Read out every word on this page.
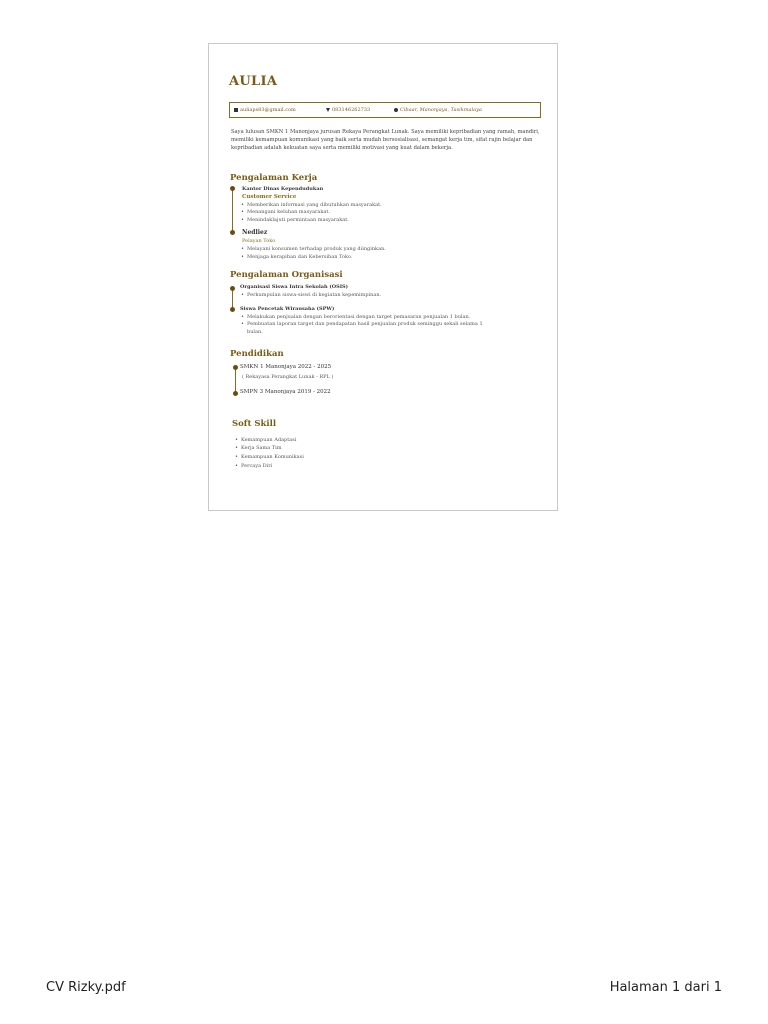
AULIA
auliaps83@gmail.com	083146262733	Cibaar, Manonjaya, Tasikmalaya
Saya lulusan SMKN 1 Manonjaya jurusan Rekaya Perangkat Lunak. Saya memiliki kepribadian yang ramah, mandiri, memiliki kemampuan komunikasi yang baik serta mudah bersosialisasi, semangat kerja tim, sifat rajin belajar dan kepribadian adalah kekuatan saya serta memiliki motivasi yang kuat dalam bekerja.
Pengalaman Kerja
Kantor Dinas Kependudukan
Customer Service
• Memberikan informasi yang dibutuhkan masyarakat.
• Menangani keluhan masyarakat.
• Menindaklajuti permintaan masyarakat.
Nedliez
Pelayan Toko
• Melayani konsumen terhadap produk yang diinginkan.
• Menjaga kerapihan dan Kebersihan Toko.
Pengalaman Organisasi
Organisasi Siswa Intra Sekolah (OSIS)
• Perkumpulan siswa-siswi di kegiatan kepemimpinan.
Siswa Pencetak Wirausaha (SPW)
• Melakukan penjualan dengan berorientasi dengan target pemasaran penjualan 1 bulan.
• Pembuatan laporan target dan pendapatan hasil penjualan produk seminggu sekali selama 1
bulan.
Pendidikan
SMKN 1 Manonjaya 2022 - 2025
( Rekayasa Perangkat Lunak - RPL )
SMPN 3 Manonjaya 2019 - 2022
Soft Skill
• Kemampuan Adaptasi
• Kerja Sama Tim
• Kemampuan Komunikasi
• Percaya Diri
CV Rizky.pdf	Halaman 1 dari 1
